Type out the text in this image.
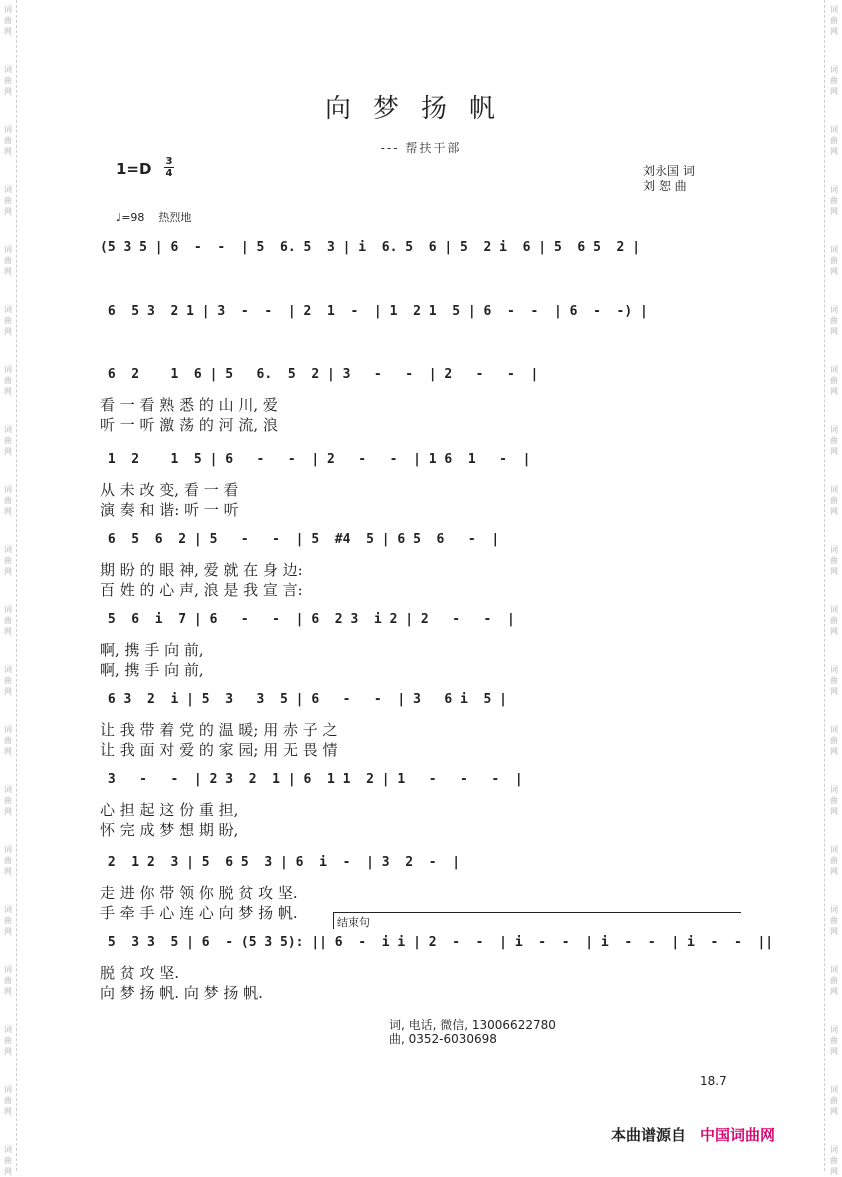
词曲网
词曲网
词曲网
词曲网
词曲网
词曲网
词曲网
词曲网
词曲网
词曲网
词曲网
词曲网
词曲网
词曲网
词曲网
词曲网
词曲网
词曲网
词曲网
词曲网
词曲网
词曲网
词曲网
词曲网
词曲网
词曲网
词曲网
词曲网
词曲网
词曲网
词曲网
词曲网
词曲网
词曲网
词曲网
词曲网
词曲网
词曲网
词曲网
词曲网
向梦扬帆
--- 帮扶干部
1=D 3
4	刘永国 词
刘 恕 曲
♩=98 热烈地
(5 3 5 | 6  -  -  | 5  6. 5  3 | i  6. 5  6 | 5  2 i  6 | 5  6 5  2 |
6  5 3  2 1 | 3  -  -  | 2  1  -  | 1  2 1  5 | 6  -  -  | 6  -  -) |
6  2    1  6 | 5   6.  5  2 | 3   -   -  | 2   -   -  |
看 一 看 熟 悉 的 山 川, 爱
听 一 听 激 荡 的 河 流, 浪
1  2    1  5 | 6   -   -  | 2   -   -  | 1 6  1   -  |
从 未 改 变, 看 一 看
演 奏 和 谐: 听 一 听
6  5  6  2 | 5   -   -  | 5  #4  5 | 6 5  6   -  |
期 盼 的 眼 神, 爱 就 在 身 边:
百 姓 的 心 声, 浪 是 我 宣 言:
5  6  i  7 | 6   -   -  | 6  2 3  i 2 | 2   -   -  |
啊, 携 手 向 前,
啊, 携 手 向 前,
6 3  2  i | 5  3   3  5 | 6   -   -  | 3   6 i  5 |
让 我 带 着 党 的 温 暖; 用 赤 子 之
让 我 面 对 爱 的 家 园; 用 无 畏 情
3   -   -  | 2 3  2  1 | 6  1 1  2 | 1   -   -   -  |
心 担 起 这 份 重 担,
怀 完 成 梦 想 期 盼,
2  1 2  3 | 5  6 5  3 | 6  i  -  | 3  2  -  |
走 进 你 带 领 你 脱 贫 攻 坚.
手 牵 手 心 连 心 向 梦 扬 帆.
5  3 3  5 | 6  - (5 3 5): || 6  -  i i | 2  -  -  | i  -  -  | i  -  -  | i  -  -  ||
脱 贫 攻 坚.
向 梦 扬 帆. 向 梦 扬 帆.
结束句
词, 电话, 微信, 13006622780
曲, 0352-6030698
18.7
本曲谱源自 中国词曲网
